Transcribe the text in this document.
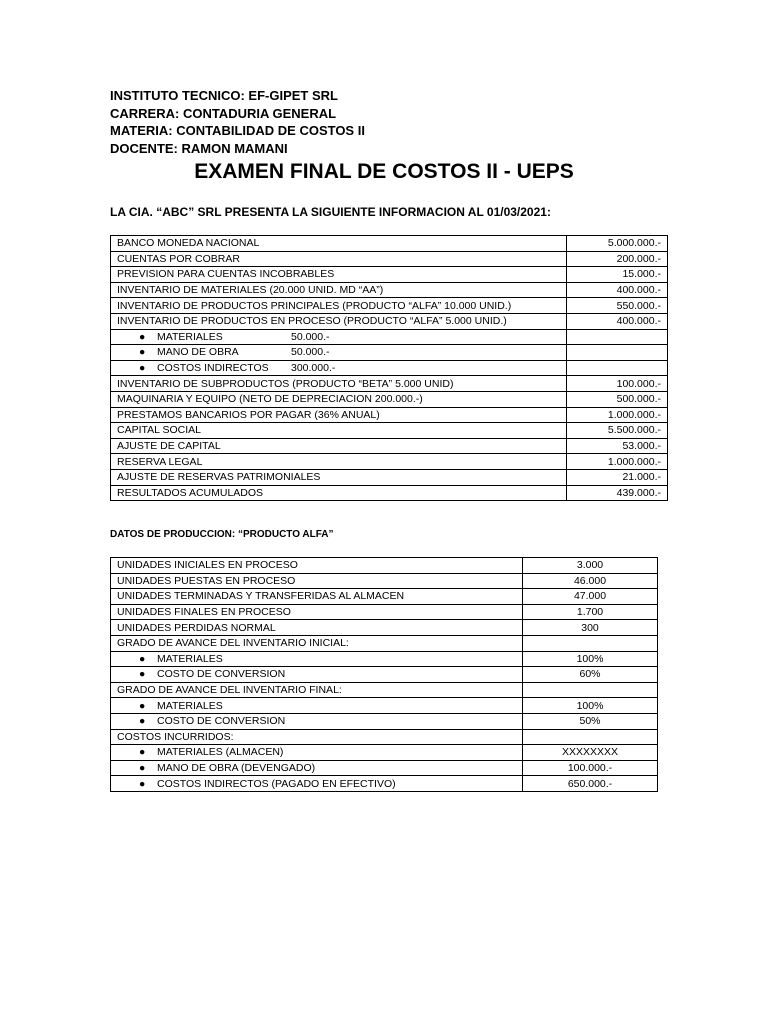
INSTITUTO TECNICO: EF-GIPET SRL
CARRERA: CONTADURIA GENERAL
MATERIA: CONTABILIDAD DE COSTOS II
DOCENTE: RAMON MAMANI
EXAMEN FINAL DE COSTOS II - UEPS
LA CIA. “ABC” SRL PRESENTA LA SIGUIENTE INFORMACION AL 01/03/2021:
BANCO MONEDA NACIONAL	5.000.000.-
CUENTAS POR COBRAR	200.000.-
PREVISION PARA CUENTAS INCOBRABLES	15.000.-
INVENTARIO DE MATERIALES (20.000 UNID. MD “AA”)	400.000.-
INVENTARIO DE PRODUCTOS PRINCIPALES (PRODUCTO “ALFA” 10.000 UNID.)	550.000.-
INVENTARIO DE PRODUCTOS EN PROCESO (PRODUCTO “ALFA” 5.000 UNID.)	400.000.-
● MATERIALES 50.000.-	
● MANO DE OBRA 50.000.-	
● COSTOS INDIRECTOS 300.000.-	
INVENTARIO DE SUBPRODUCTOS (PRODUCTO “BETA” 5.000 UNID)	100.000.-
MAQUINARIA Y EQUIPO (NETO DE DEPRECIACION 200.000.-)	500.000.-
PRESTAMOS BANCARIOS POR PAGAR (36% ANUAL)	1.000.000.-
CAPITAL SOCIAL	5.500.000.-
AJUSTE DE CAPITAL	53.000.-
RESERVA LEGAL	1.000.000.-
AJUSTE DE RESERVAS PATRIMONIALES	21.000.-
RESULTADOS ACUMULADOS	439.000.-
DATOS DE PRODUCCION: “PRODUCTO ALFA”
UNIDADES INICIALES EN PROCESO	3.000
UNIDADES PUESTAS EN PROCESO	46.000
UNIDADES TERMINADAS Y TRANSFERIDAS AL ALMACEN	47.000
UNIDADES FINALES EN PROCESO	1.700
UNIDADES PERDIDAS NORMAL	300
GRADO DE AVANCE DEL INVENTARIO INICIAL:	
● MATERIALES	100%
● COSTO DE CONVERSION	60%
GRADO DE AVANCE DEL INVENTARIO FINAL:	
● MATERIALES	100%
● COSTO DE CONVERSION	50%
COSTOS INCURRIDOS:	
● MATERIALES (ALMACEN)	XXXXXXXX
● MANO DE OBRA (DEVENGADO)	100.000.-
● COSTOS INDIRECTOS (PAGADO EN EFECTIVO)	650.000.-
